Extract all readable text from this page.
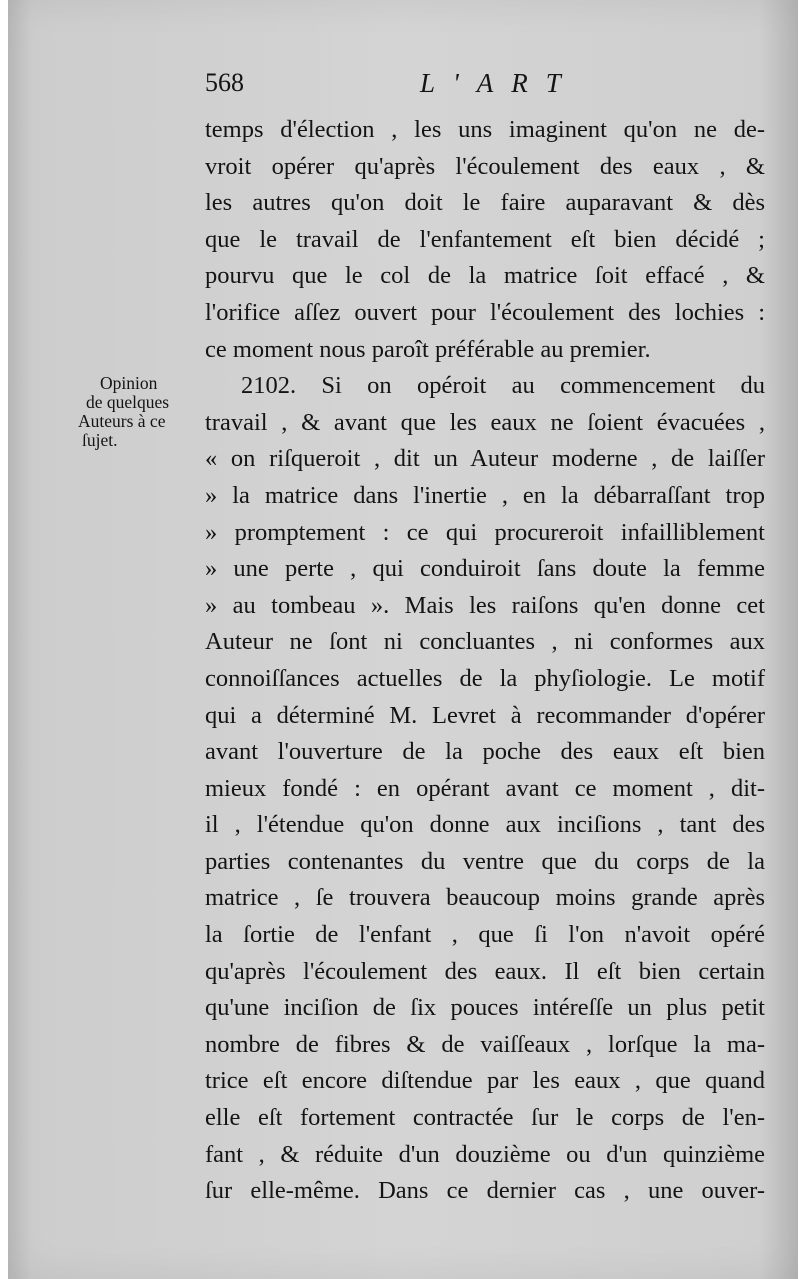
568	L'ART
Opinion
de quelques
Auteurs à ce
ſujet.
temps d'élection , les uns imaginent qu'on ne de-
vroit opérer qu'après l'écoulement des eaux , &
les autres qu'on doit le faire auparavant & dès
que le travail de l'enfantement eſt bien décidé ;
pourvu que le col de la matrice ſoit effacé , &
l'orifice aſſez ouvert pour l'écoulement des lochies :
ce moment nous paroît préférable au premier.
2102. Si on opéroit au commencement du
travail , & avant que les eaux ne ſoient évacuées ,
« on riſqueroit , dit un Auteur moderne , de laiſſer
» la matrice dans l'inertie , en la débarraſſant trop
» promptement : ce qui procureroit infailliblement
» une perte , qui conduiroit ſans doute la femme
» au tombeau ». Mais les raiſons qu'en donne cet
Auteur ne ſont ni concluantes , ni conformes aux
connoiſſances actuelles de la phyſiologie. Le motif
qui a déterminé M. Levret à recommander d'opérer
avant l'ouverture de la poche des eaux eſt bien
mieux fondé : en opérant avant ce moment , dit-
il , l'étendue qu'on donne aux inciſions , tant des
parties contenantes du ventre que du corps de la
matrice , ſe trouvera beaucoup moins grande après
la ſortie de l'enfant , que ſi l'on n'avoit opéré
qu'après l'écoulement des eaux. Il eſt bien certain
qu'une inciſion de ſix pouces intéreſſe un plus petit
nombre de fibres & de vaiſſeaux , lorſque la ma-
trice eſt encore diſtendue par les eaux , que quand
elle eſt fortement contractée ſur le corps de l'en-
fant , & réduite d'un douzième ou d'un quinzième
ſur elle-même. Dans ce dernier cas , une ouver-
